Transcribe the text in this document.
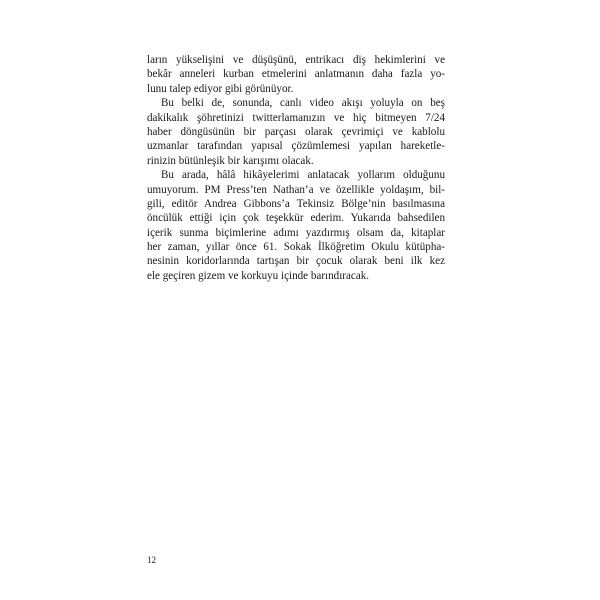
ların yükselişini ve düşüşünü, entrikacı diş hekimlerini ve
bekâr anneleri kurban etmelerini anlatmanın daha fazla yo-
lunu talep ediyor gibi görünüyor.
Bu belki de, sonunda, canlı video akışı yoluyla on beş
dakikalık şöhretinizi twitterlamanızın ve hiç bitmeyen 7/24
haber döngüsünün bir parçası olarak çevrimiçi ve kablolu
uzmanlar tarafından yapısal çözümlemesi yapılan hareketle-
rinizin bütünleşik bir karışımı olacak.
Bu arada, hâlâ hikâyelerimi anlatacak yollarım olduğunu
umuyorum. PM Press’ten Nathan’a ve özellikle yoldaşım, bil-
gili, editör Andrea Gibbons’a Tekinsiz Bölge’nin basılmasına
öncülük ettiği için çok teşekkür ederim. Yukarıda bahsedilen
içerik sunma biçimlerine adımı yazdırmış olsam da, kitaplar
her zaman, yıllar önce 61. Sokak İlköğretim Okulu kütüpha-
nesinin koridorlarında tartışan bir çocuk olarak beni ilk kez
ele geçiren gizem ve korkuyu içinde barındıracak.
12
